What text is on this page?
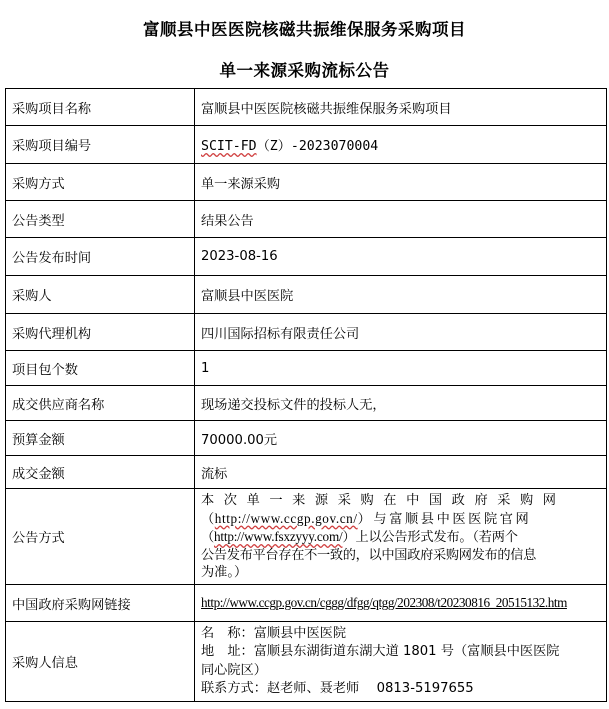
富顺县中医医院核磁共振维保服务采购项目
单一来源采购流标公告
采购项目名称	富顺县中医医院核磁共振维保服务采购项目
采购项目编号	SCIT-FD（Z）-2023070004
采购方式	单一来源采购
公告类型	结果公告
公告发布时间	2023-08-16
采购人	富顺县中医医院
采购代理机构	四川国际招标有限责任公司
项目包个数	1
成交供应商名称	现场递交投标文件的投标人无，
预算金额	70000.00元
成交金额	流标
公告方式	本次单一来源采购在中国政府采购网
（http://www.ccgp.gov.cn/）与富顺县中医医院官网
（http://www.fsxzyyy.com/）上以公告形式发布。（若两个
公告发布平台存在不一致的，以中国政府采购网发布的信息
为准。）

中国政府采购网链接	http://www.ccgp.gov.cn/cggg/dfgg/qtgg/202308/t20230816_20515132.htm
采购人信息	名　称：富顺县中医医院
地　址：富顺县东湖街道东湖大道 1801 号（富顺县中医医院
同心院区）
联系方式：赵老师、聂老师　 0813-5197655
